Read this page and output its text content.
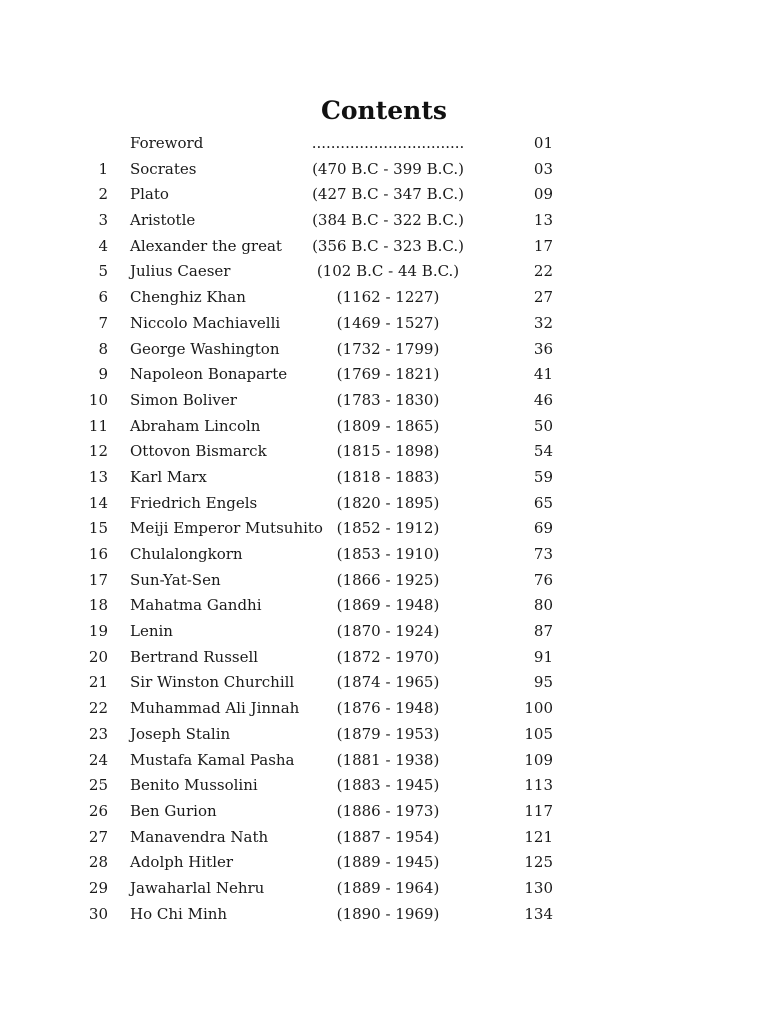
Contents
Foreword	................................	01
1 Socrates	(470 B.C - 399 B.C.)	03
2 Plato	(427 B.C - 347 B.C.)	09
3 Aristotle	(384 B.C - 322 B.C.)	13
4 Alexander the great	(356 B.C - 323 B.C.)	17
5 Julius Caeser	(102 B.C - 44 B.C.)	22
6 Chenghiz Khan	(1162 - 1227)	27
7 Niccolo Machiavelli	(1469 - 1527)	32
8 George Washington	(1732 - 1799)	36
9 Napoleon Bonaparte	(1769 - 1821)	41
10 Simon Boliver	(1783 - 1830)	46
11 Abraham Lincoln	(1809 - 1865)	50
12 Ottovon Bismarck	(1815 - 1898)	54
13 Karl Marx	(1818 - 1883)	59
14 Friedrich Engels	(1820 - 1895)	65
15 Meiji Emperor Mutsuhito (1852 - 1912)	69
16 Chulalongkorn	(1853 - 1910)	73
17 Sun-Yat-Sen	(1866 - 1925)	76
18 Mahatma Gandhi	(1869 - 1948)	80
19 Lenin	(1870 - 1924)	87
20 Bertrand Russell	(1872 - 1970)	91
21 Sir Winston Churchill	(1874 - 1965)	95
22 Muhammad Ali Jinnah	(1876 - 1948)	100
23 Joseph Stalin	(1879 - 1953)	105
24 Mustafa Kamal Pasha	(1881 - 1938)	109
25 Benito Mussolini	(1883 - 1945)	113
26 Ben Gurion	(1886 - 1973)	117
27 Manavendra Nath	(1887 - 1954)	121
28 Adolph Hitler	(1889 - 1945)	125
29 Jawaharlal Nehru	(1889 - 1964)	130
30 Ho Chi Minh	(1890 - 1969)	134
